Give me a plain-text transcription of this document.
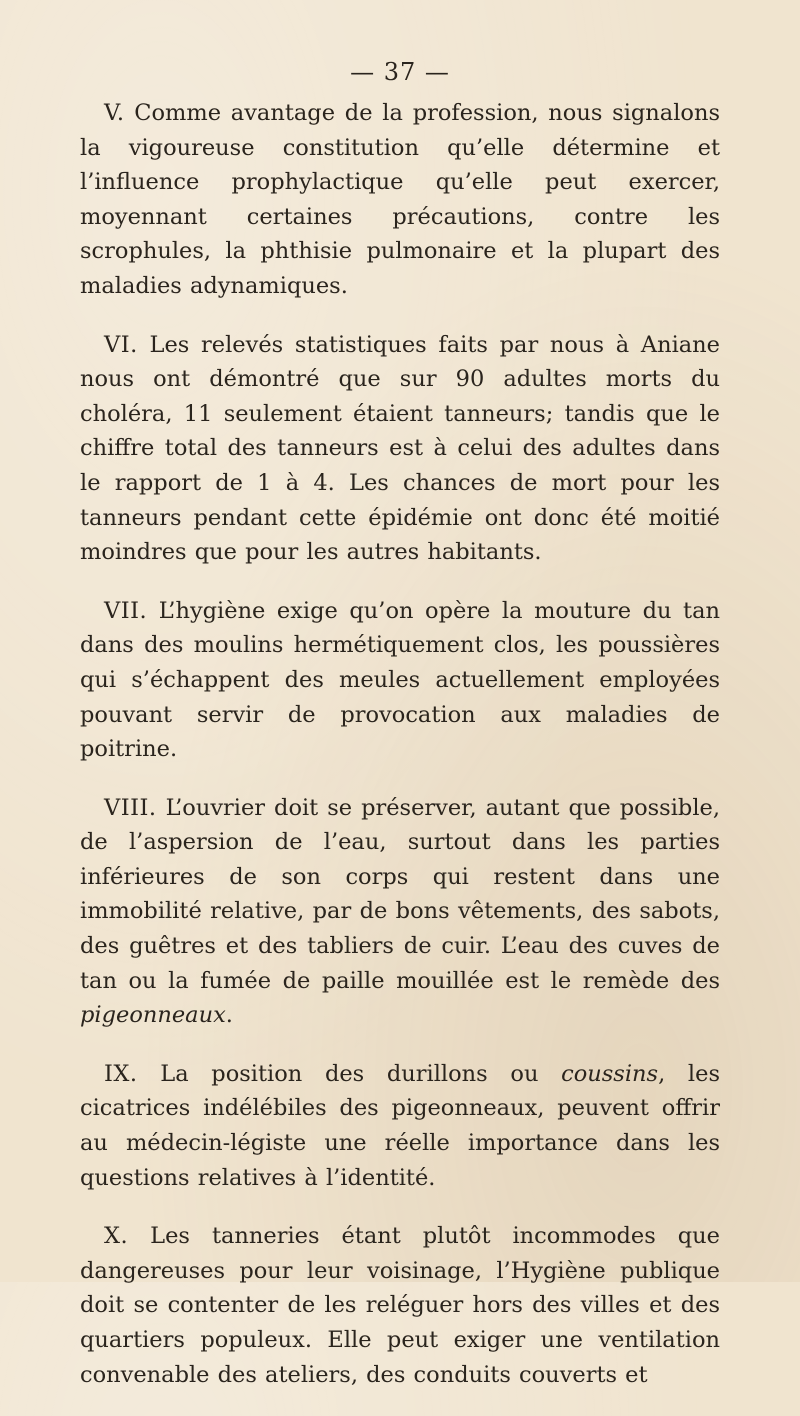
— 37 —

V. Comme avantage de la profession, nous signalons la vigoureuse constitution qu’elle détermine et l’influence prophylactique qu’elle peut exercer, moyennant certaines précautions, contre les scrophules, la phthisie pulmonaire et la plupart des maladies adynamiques.

VI. Les relevés statistiques faits par nous à Aniane nous ont démontré que sur 90 adultes morts du choléra, 11 seulement étaient tanneurs; tandis que le chiffre total des tanneurs est à celui des adultes dans le rapport de 1 à 4. Les chances de mort pour les tanneurs pendant cette épidémie ont donc été moitié moindres que pour les autres habitants.

VII. L’hygiène exige qu’on opère la mouture du tan dans des moulins hermétiquement clos, les poussières qui s’échappent des meules actuellement employées pouvant servir de provocation aux maladies de poitrine.

VIII. L’ouvrier doit se préserver, autant que possible, de l’aspersion de l’eau, surtout dans les parties inférieures de son corps qui restent dans une immobilité relative, par de bons vêtements, des sabots, des guêtres et des tabliers de cuir. L’eau des cuves de tan ou la fumée de paille mouillée est le remède des pigeonneaux.

IX. La position des durillons ou coussins, les cicatrices indélébiles des pigeonneaux, peuvent offrir au médecin-légiste une réelle importance dans les questions relatives à l’identité.

X. Les tanneries étant plutôt incommodes que dangereuses pour leur voisinage, l’Hygiène publique doit se contenter de les reléguer hors des villes et des quartiers populeux. Elle peut exiger une ventilation convenable des ateliers, des conduits couverts et
